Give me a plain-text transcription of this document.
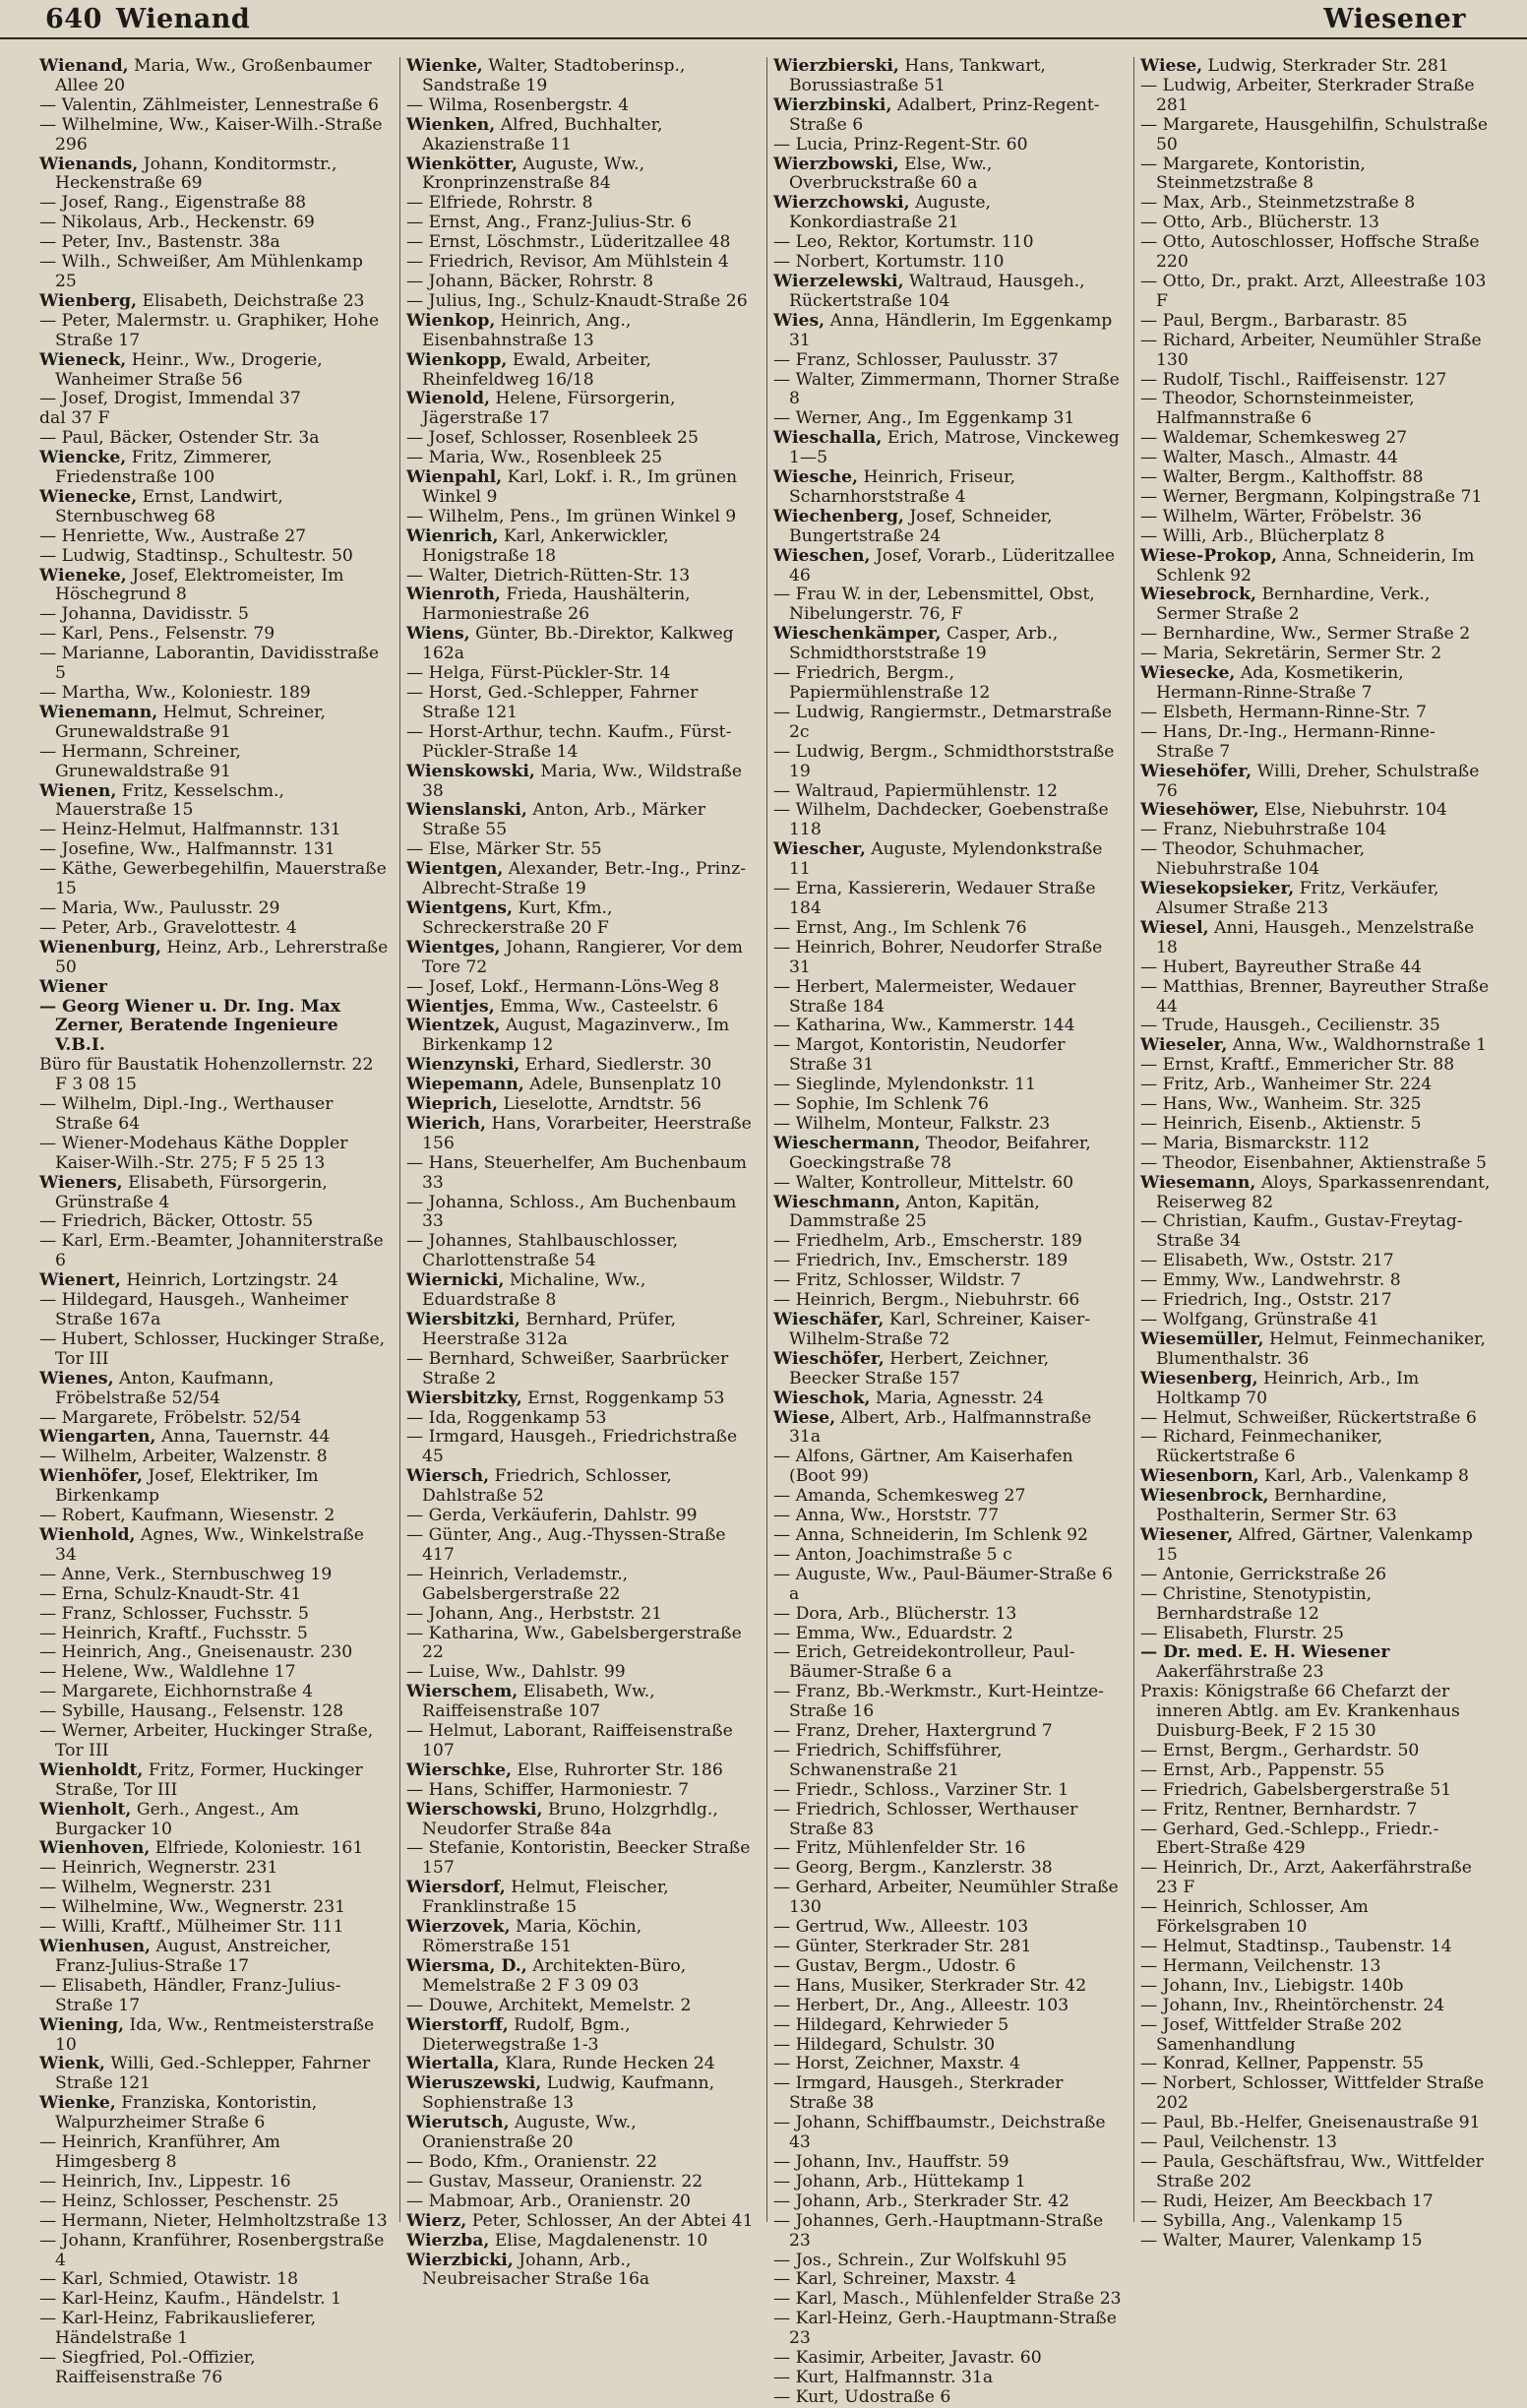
640 Wienand	Wiesener
Wienand, Maria, Ww., Großenbaumer Allee 20
— Valentin, Zählmeister, Lennestraße 6
— Wilhelmine, Ww., Kaiser-Wilh.-Straße 296
Wienands, Johann, Konditormstr., Heckenstraße 69
— Josef, Rang., Eigenstraße 88
— Nikolaus, Arb., Heckenstr. 69
— Peter, Inv., Bastenstr. 38a
— Wilh., Schweißer, Am Mühlenkamp 25
Wienberg, Elisabeth, Deichstraße 23
— Peter, Malermstr. u. Graphiker, Hohe Straße 17
Wieneck, Heinr., Ww., Drogerie, Wanheimer Straße 56
— Josef, Drogist, Immendal 37
dal 37 F
— Paul, Bäcker, Ostender Str. 3a
Wiencke, Fritz, Zimmerer, Friedenstraße 100
Wienecke, Ernst, Landwirt, Sternbuschweg 68
— Henriette, Ww., Austraße 27
— Ludwig, Stadtinsp., Schultestr. 50
Wieneke, Josef, Elektromeister, Im Höschegrund 8
— Johanna, Davidisstr. 5
— Karl, Pens., Felsenstr. 79
— Marianne, Laborantin, Davidisstraße 5
— Martha, Ww., Koloniestr. 189
Wienemann, Helmut, Schreiner, Grunewaldstraße 91
— Hermann, Schreiner, Grunewaldstraße 91
Wienen, Fritz, Kesselschm., Mauerstraße 15
— Heinz-Helmut, Halfmannstr. 131
— Josefine, Ww., Halfmannstr. 131
— Käthe, Gewerbegehilfin, Mauerstraße 15
— Maria, Ww., Paulusstr. 29
— Peter, Arb., Gravelottestr. 4
Wienenburg, Heinz, Arb., Lehrerstraße 50
Wiener
— Georg Wiener u. Dr. Ing. Max Zerner, Beratende Ingenieure V.B.I.
Büro für Baustatik Hohenzollernstr. 22 F 3 08 15
— Wilhelm, Dipl.-Ing., Werthauser Straße 64
— Wiener-Modehaus Käthe Doppler Kaiser-Wilh.-Str. 275; F 5 25 13
Wieners, Elisabeth, Fürsorgerin, Grünstraße 4
— Friedrich, Bäcker, Ottostr. 55
— Karl, Erm.-Beamter, Johanniterstraße 6
Wienert, Heinrich, Lortzingstr. 24
— Hildegard, Hausgeh., Wanheimer Straße 167a
— Hubert, Schlosser, Huckinger Straße, Tor III
Wienes, Anton, Kaufmann, Fröbelstraße 52/54
— Margarete, Fröbelstr. 52/54
Wiengarten, Anna, Tauernstr. 44
— Wilhelm, Arbeiter, Walzenstr. 8
Wienhöfer, Josef, Elektriker, Im Birkenkamp
— Robert, Kaufmann, Wiesenstr. 2
Wienhold, Agnes, Ww., Winkelstraße 34
— Anne, Verk., Sternbuschweg 19
— Erna, Schulz-Knaudt-Str. 41
— Franz, Schlosser, Fuchsstr. 5
— Heinrich, Kraftf., Fuchsstr. 5
— Heinrich, Ang., Gneisenaustr. 230
— Helene, Ww., Waldlehne 17
— Margarete, Eichhornstraße 4
— Sybille, Hausang., Felsenstr. 128
— Werner, Arbeiter, Huckinger Straße, Tor III
Wienholdt, Fritz, Former, Huckinger Straße, Tor III
Wienholt, Gerh., Angest., Am Burgacker 10
Wienhoven, Elfriede, Koloniestr. 161
— Heinrich, Wegnerstr. 231
— Wilhelm, Wegnerstr. 231
— Wilhelmine, Ww., Wegnerstr. 231
— Willi, Kraftf., Mülheimer Str. 111
Wienhusen, August, Anstreicher, Franz-Julius-Straße 17
— Elisabeth, Händler, Franz-Julius-Straße 17
Wiening, Ida, Ww., Rentmeisterstraße 10
Wienk, Willi, Ged.-Schlepper, Fahrner Straße 121
Wienke, Franziska, Kontoristin, Walpurzheimer Straße 6
— Heinrich, Kranführer, Am Himgesberg 8
— Heinrich, Inv., Lippestr. 16
— Heinz, Schlosser, Peschenstr. 25
— Hermann, Nieter, Helmholtzstraße 13
— Johann, Kranführer, Rosenbergstraße 4
— Karl, Schmied, Otawistr. 18
— Karl-Heinz, Kaufm., Händelstr. 1
— Karl-Heinz, Fabrikauslieferer, Händelstraße 1
— Siegfried, Pol.-Offizier, Raiffeisenstraße 76
Wienke, Walter, Stadtoberinsp., Sandstraße 19
— Wilma, Rosenbergstr. 4
Wienken, Alfred, Buchhalter, Akazienstraße 11
Wienkötter, Auguste, Ww., Kronprinzenstraße 84
— Elfriede, Rohrstr. 8
— Ernst, Ang., Franz-Julius-Str. 6
— Ernst, Löschmstr., Lüderitzallee 48
— Friedrich, Revisor, Am Mühlstein 4
— Johann, Bäcker, Rohrstr. 8
— Julius, Ing., Schulz-Knaudt-Straße 26
Wienkop, Heinrich, Ang., Eisenbahnstraße 13
Wienkopp, Ewald, Arbeiter, Rheinfeldweg 16/18
Wienold, Helene, Fürsorgerin, Jägerstraße 17
— Josef, Schlosser, Rosenbleek 25
— Maria, Ww., Rosenbleek 25
Wienpahl, Karl, Lokf. i. R., Im grünen Winkel 9
— Wilhelm, Pens., Im grünen Winkel 9
Wienrich, Karl, Ankerwickler, Honigstraße 18
— Walter, Dietrich-Rütten-Str. 13
Wienroth, Frieda, Haushälterin, Harmoniestraße 26
Wiens, Günter, Bb.-Direktor, Kalkweg 162a
— Helga, Fürst-Pückler-Str. 14
— Horst, Ged.-Schlepper, Fahrner Straße 121
— Horst-Arthur, techn. Kaufm., Fürst-Pückler-Straße 14
Wienskowski, Maria, Ww., Wildstraße 38
Wienslanski, Anton, Arb., Märker Straße 55
— Else, Märker Str. 55
Wientgen, Alexander, Betr.-Ing., Prinz-Albrecht-Straße 19
Wientgens, Kurt, Kfm., Schreckerstraße 20 F
Wientges, Johann, Rangierer, Vor dem Tore 72
— Josef, Lokf., Hermann-Löns-Weg 8
Wientjes, Emma, Ww., Casteelstr. 6
Wientzek, August, Magazinverw., Im Birkenkamp 12
Wienzynski, Erhard, Siedlerstr. 30
Wiepemann, Adele, Bunsenplatz 10
Wieprich, Lieselotte, Arndtstr. 56
Wierich, Hans, Vorarbeiter, Heerstraße 156
— Hans, Steuerhelfer, Am Buchenbaum 33
— Johanna, Schloss., Am Buchenbaum 33
— Johannes, Stahlbauschlosser, Charlottenstraße 54
Wiernicki, Michaline, Ww., Eduardstraße 8
Wiersbitzki, Bernhard, Prüfer, Heerstraße 312a
— Bernhard, Schweißer, Saarbrücker Straße 2
Wiersbitzky, Ernst, Roggenkamp 53
— Ida, Roggenkamp 53
— Irmgard, Hausgeh., Friedrichstraße 45
Wiersch, Friedrich, Schlosser, Dahlstraße 52
— Gerda, Verkäuferin, Dahlstr. 99
— Günter, Ang., Aug.-Thyssen-Straße 417
— Heinrich, Verlademstr., Gabelsbergerstraße 22
— Johann, Ang., Herbststr. 21
— Katharina, Ww., Gabelsbergerstraße 22
— Luise, Ww., Dahlstr. 99
Wierschem, Elisabeth, Ww., Raiffeisenstraße 107
— Helmut, Laborant, Raiffeisenstraße 107
Wierschke, Else, Ruhrorter Str. 186
— Hans, Schiffer, Harmoniestr. 7
Wierschowski, Bruno, Holzgrhdlg., Neudorfer Straße 84a
— Stefanie, Kontoristin, Beecker Straße 157
Wiersdorf, Helmut, Fleischer, Franklinstraße 15
Wierzovek, Maria, Köchin, Römerstraße 151
Wiersma, D., Architekten-Büro, Memelstraße 2 F 3 09 03
— Douwe, Architekt, Memelstr. 2
Wierstorff, Rudolf, Bgm., Dieterwegstraße 1-3
Wiertalla, Klara, Runde Hecken 24
Wieruszewski, Ludwig, Kaufmann, Sophienstraße 13
Wierutsch, Auguste, Ww., Oranienstraße 20
— Bodo, Kfm., Oranienstr. 22
— Gustav, Masseur, Oranienstr. 22
— Mabmoar, Arb., Oranienstr. 20
Wierz, Peter, Schlosser, An der Abtei 41
Wierzba, Elise, Magdalenenstr. 10
Wierzbicki, Johann, Arb., Neubreisacher Straße 16a
Wierzbierski, Hans, Tankwart, Borussiastraße 51
Wierzbinski, Adalbert, Prinz-Regent-Straße 6
— Lucia, Prinz-Regent-Str. 60
Wierzbowski, Else, Ww., Overbruckstraße 60 a
Wierzchowski, Auguste, Konkordiastraße 21
— Leo, Rektor, Kortumstr. 110
— Norbert, Kortumstr. 110
Wierzelewski, Waltraud, Hausgeh., Rückertstraße 104
Wies, Anna, Händlerin, Im Eggenkamp 31
— Franz, Schlosser, Paulusstr. 37
— Walter, Zimmermann, Thorner Straße 8
— Werner, Ang., Im Eggenkamp 31
Wieschalla, Erich, Matrose, Vinckeweg 1—5
Wiesche, Heinrich, Friseur, Scharnhorststraße 4
Wiechenberg, Josef, Schneider, Bungertstraße 24
Wieschen, Josef, Vorarb., Lüderitzallee 46
— Frau W. in der, Lebensmittel, Obst, Nibelungerstr. 76, F
Wieschenkämper, Casper, Arb., Schmidthorststraße 19
— Friedrich, Bergm., Papiermühlenstraße 12
— Ludwig, Rangiermstr., Detmarstraße 2c
— Ludwig, Bergm., Schmidthorststraße 19
— Waltraud, Papiermühlenstr. 12
— Wilhelm, Dachdecker, Goebenstraße 118
Wiescher, Auguste, Mylendonkstraße 11
— Erna, Kassiererin, Wedauer Straße 184
— Ernst, Ang., Im Schlenk 76
— Heinrich, Bohrer, Neudorfer Straße 31
— Herbert, Malermeister, Wedauer Straße 184
— Katharina, Ww., Kammerstr. 144
— Margot, Kontoristin, Neudorfer Straße 31
— Sieglinde, Mylendonkstr. 11
— Sophie, Im Schlenk 76
— Wilhelm, Monteur, Falkstr. 23
Wieschermann, Theodor, Beifahrer, Goeckingstraße 78
— Walter, Kontrolleur, Mittelstr. 60
Wieschmann, Anton, Kapitän, Dammstraße 25
— Friedhelm, Arb., Emscherstr. 189
— Friedrich, Inv., Emscherstr. 189
— Fritz, Schlosser, Wildstr. 7
— Heinrich, Bergm., Niebuhrstr. 66
Wieschäfer, Karl, Schreiner, Kaiser-Wilhelm-Straße 72
Wieschöfer, Herbert, Zeichner, Beecker Straße 157
Wieschok, Maria, Agnesstr. 24
Wiese, Albert, Arb., Halfmannstraße 31a
— Alfons, Gärtner, Am Kaiserhafen (Boot 99)
— Amanda, Schemkesweg 27
— Anna, Ww., Horststr. 77
— Anna, Schneiderin, Im Schlenk 92
— Anton, Joachimstraße 5 c
— Auguste, Ww., Paul-Bäumer-Straße 6 a
— Dora, Arb., Blücherstr. 13
— Emma, Ww., Eduardstr. 2
— Erich, Getreidekontrolleur, Paul-Bäumer-Straße 6 a
— Franz, Bb.-Werkmstr., Kurt-Heintze-Straße 16
— Franz, Dreher, Haxtergrund 7
— Friedrich, Schiffsführer, Schwanenstraße 21
— Friedr., Schloss., Varziner Str. 1
— Friedrich, Schlosser, Werthauser Straße 83
— Fritz, Mühlenfelder Str. 16
— Georg, Bergm., Kanzlerstr. 38
— Gerhard, Arbeiter, Neumühler Straße 130
— Gertrud, Ww., Alleestr. 103
— Günter, Sterkrader Str. 281
— Gustav, Bergm., Udostr. 6
— Hans, Musiker, Sterkrader Str. 42
— Herbert, Dr., Ang., Alleestr. 103
— Hildegard, Kehrwieder 5
— Hildegard, Schulstr. 30
— Horst, Zeichner, Maxstr. 4
— Irmgard, Hausgeh., Sterkrader Straße 38
— Johann, Schiffbaumstr., Deichstraße 43
— Johann, Inv., Hauffstr. 59
— Johann, Arb., Hüttekamp 1
— Johann, Arb., Sterkrader Str. 42
— Johannes, Gerh.-Hauptmann-Straße 23
— Jos., Schrein., Zur Wolfskuhl 95
— Karl, Schreiner, Maxstr. 4
— Karl, Masch., Mühlenfelder Straße 23
— Karl-Heinz, Gerh.-Hauptmann-Straße 23
— Kasimir, Arbeiter, Javastr. 60
— Kurt, Halfmannstr. 31a
— Kurt, Udostraße 6
Wiese, Ludwig, Sterkrader Str. 281
— Ludwig, Arbeiter, Sterkrader Straße 281
— Margarete, Hausgehilfin, Schulstraße 50
— Margarete, Kontoristin, Steinmetzstraße 8
— Max, Arb., Steinmetzstraße 8
— Otto, Arb., Blücherstr. 13
— Otto, Autoschlosser, Hoffsche Straße 220
— Otto, Dr., prakt. Arzt, Alleestraße 103 F
— Paul, Bergm., Barbarastr. 85
— Richard, Arbeiter, Neumühler Straße 130
— Rudolf, Tischl., Raiffeisenstr. 127
— Theodor, Schornsteinmeister, Halfmannstraße 6
— Waldemar, Schemkesweg 27
— Walter, Masch., Almastr. 44
— Walter, Bergm., Kalthoffstr. 88
— Werner, Bergmann, Kolpingstraße 71
— Wilhelm, Wärter, Fröbelstr. 36
— Willi, Arb., Blücherplatz 8
Wiese-Prokop, Anna, Schneiderin, Im Schlenk 92
Wiesebrock, Bernhardine, Verk., Sermer Straße 2
— Bernhardine, Ww., Sermer Straße 2
— Maria, Sekretärin, Sermer Str. 2
Wiesecke, Ada, Kosmetikerin, Hermann-Rinne-Straße 7
— Elsbeth, Hermann-Rinne-Str. 7
— Hans, Dr.-Ing., Hermann-Rinne-Straße 7
Wiesehöfer, Willi, Dreher, Schulstraße 76
Wiesehöwer, Else, Niebuhrstr. 104
— Franz, Niebuhrstraße 104
— Theodor, Schuhmacher, Niebuhrstraße 104
Wiesekopsieker, Fritz, Verkäufer, Alsumer Straße 213
Wiesel, Anni, Hausgeh., Menzelstraße 18
— Hubert, Bayreuther Straße 44
— Matthias, Brenner, Bayreuther Straße 44
— Trude, Hausgeh., Cecilienstr. 35
Wieseler, Anna, Ww., Waldhornstraße 1
— Ernst, Kraftf., Emmericher Str. 88
— Fritz, Arb., Wanheimer Str. 224
— Hans, Ww., Wanheim. Str. 325
— Heinrich, Eisenb., Aktienstr. 5
— Maria, Bismarckstr. 112
— Theodor, Eisenbahner, Aktienstraße 5
Wiesemann, Aloys, Sparkassenrendant, Reiserweg 82
— Christian, Kaufm., Gustav-Freytag-Straße 34
— Elisabeth, Ww., Oststr. 217
— Emmy, Ww., Landwehrstr. 8
— Friedrich, Ing., Oststr. 217
— Wolfgang, Grünstraße 41
Wiesemüller, Helmut, Feinmechaniker, Blumenthalstr. 36
Wiesenberg, Heinrich, Arb., Im Holtkamp 70
— Helmut, Schweißer, Rückertstraße 6
— Richard, Feinmechaniker, Rückertstraße 6
Wiesenborn, Karl, Arb., Valenkamp 8
Wiesenbrock, Bernhardine, Posthalterin, Sermer Str. 63
Wiesener, Alfred, Gärtner, Valenkamp 15
— Antonie, Gerrickstraße 26
— Christine, Stenotypistin, Bernhardstraße 12
— Elisabeth, Flurstr. 25
— Dr. med. E. H. Wiesener Aakerfährstraße 23
Praxis: Königstraße 66 Chefarzt der inneren Abtlg. am Ev. Krankenhaus Duisburg-Beek, F 2 15 30
— Ernst, Bergm., Gerhardstr. 50
— Ernst, Arb., Pappenstr. 55
— Friedrich, Gabelsbergerstraße 51
— Fritz, Rentner, Bernhardstr. 7
— Gerhard, Ged.-Schlepp., Friedr.-Ebert-Straße 429
— Heinrich, Dr., Arzt, Aakerfährstraße 23 F
— Heinrich, Schlosser, Am Förkelsgraben 10
— Helmut, Stadtinsp., Taubenstr. 14
— Hermann, Veilchenstr. 13
— Johann, Inv., Liebigstr. 140b
— Johann, Inv., Rheintörchenstr. 24
— Josef, Wittfelder Straße 202 Samenhandlung
— Konrad, Kellner, Pappenstr. 55
— Norbert, Schlosser, Wittfelder Straße 202
— Paul, Bb.-Helfer, Gneisenaustraße 91
— Paul, Veilchenstr. 13
— Paula, Geschäftsfrau, Ww., Wittfelder Straße 202
— Rudi, Heizer, Am Beeckbach 17
— Sybilla, Ang., Valenkamp 15
— Walter, Maurer, Valenkamp 15
